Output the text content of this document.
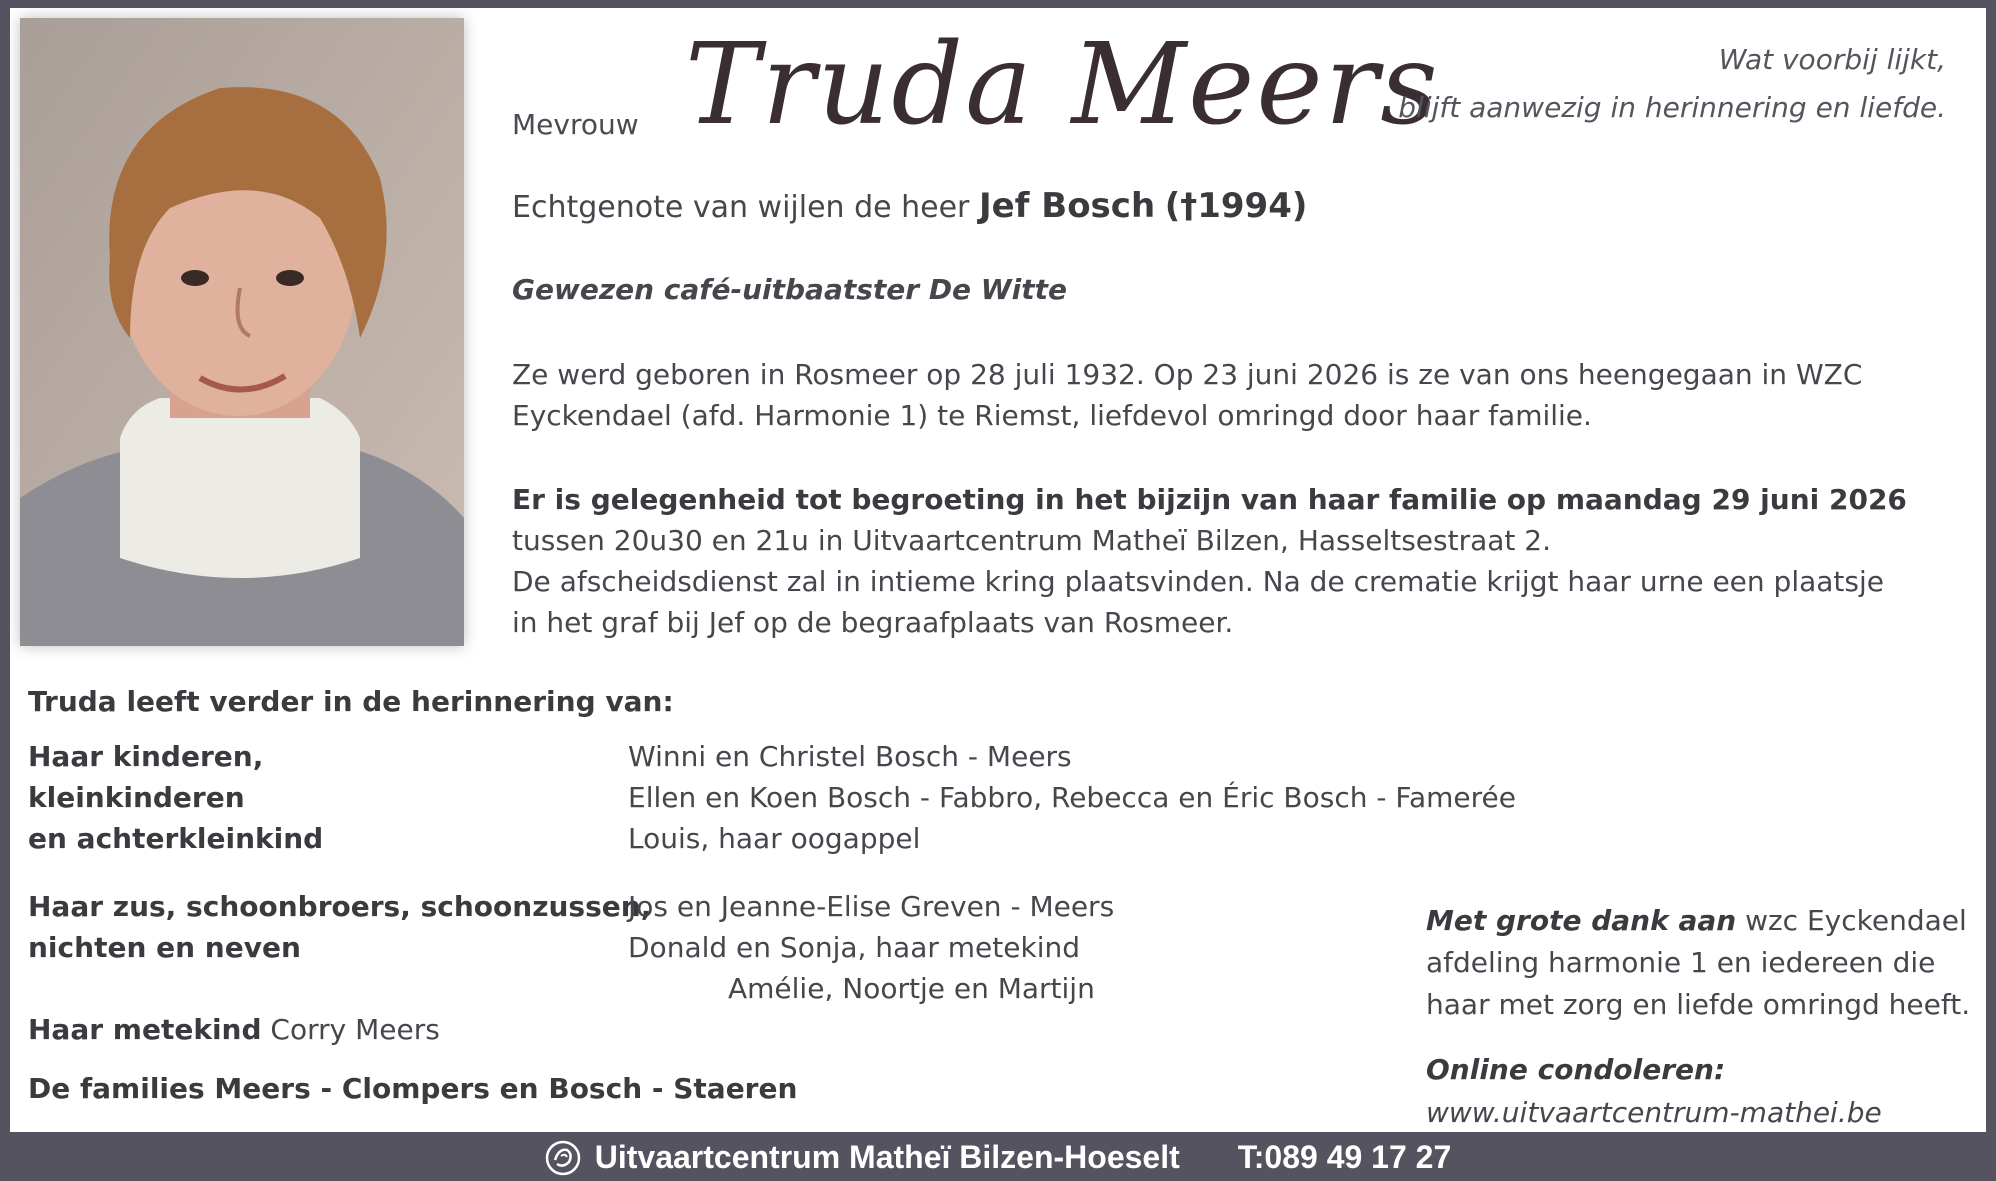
Mevrouw Truda Meers	Wat voorbij lijkt,
blijft aanwezig in herinnering en liefde.
Echtgenote van wijlen de heer Jef Bosch (†1994)
Gewezen café-uitbaatster De Witte
Ze werd geboren in Rosmeer op 28 juli 1932. Op 23 juni 2026 is ze van ons heengegaan in WZC
Eyckendael (afd. Harmonie 1) te Riemst, liefdevol omringd door haar familie.
Er is gelegenheid tot begroeting in het bijzijn van haar familie op maandag 29 juni 2026
tussen 20u30 en 21u in Uitvaartcentrum Matheï Bilzen, Hasseltsestraat 2.
De afscheidsdienst zal in intieme kring plaatsvinden. Na de crematie krijgt haar urne een plaatsje
in het graf bij Jef op de begraafplaats van Rosmeer.
Truda leeft verder in de herinnering van:
Haar kinderen,
kleinkinderen
en achterkleinkind
Winni en Christel Bosch - Meers
Ellen en Koen Bosch - Fabbro, Rebecca en Éric Bosch - Famerée
Louis, haar oogappel
Haar zus, schoonbroers, schoonzussen,
nichten en neven
Jos en Jeanne-Elise Greven - Meers
Donald en Sonja, haar metekind
Amélie, Noortje en Martijn
Haar metekind Corry Meers
De families Meers - Clompers en Bosch - Staeren
Met grote dank aan wzc Eyckendael
afdeling harmonie 1 en iedereen die
haar met zorg en liefde omringd heeft.
Online condoleren:
www.uitvaartcentrum-mathei.be
Uitvaartcentrum Matheï Bilzen-Hoeselt T:089 49 17 27
